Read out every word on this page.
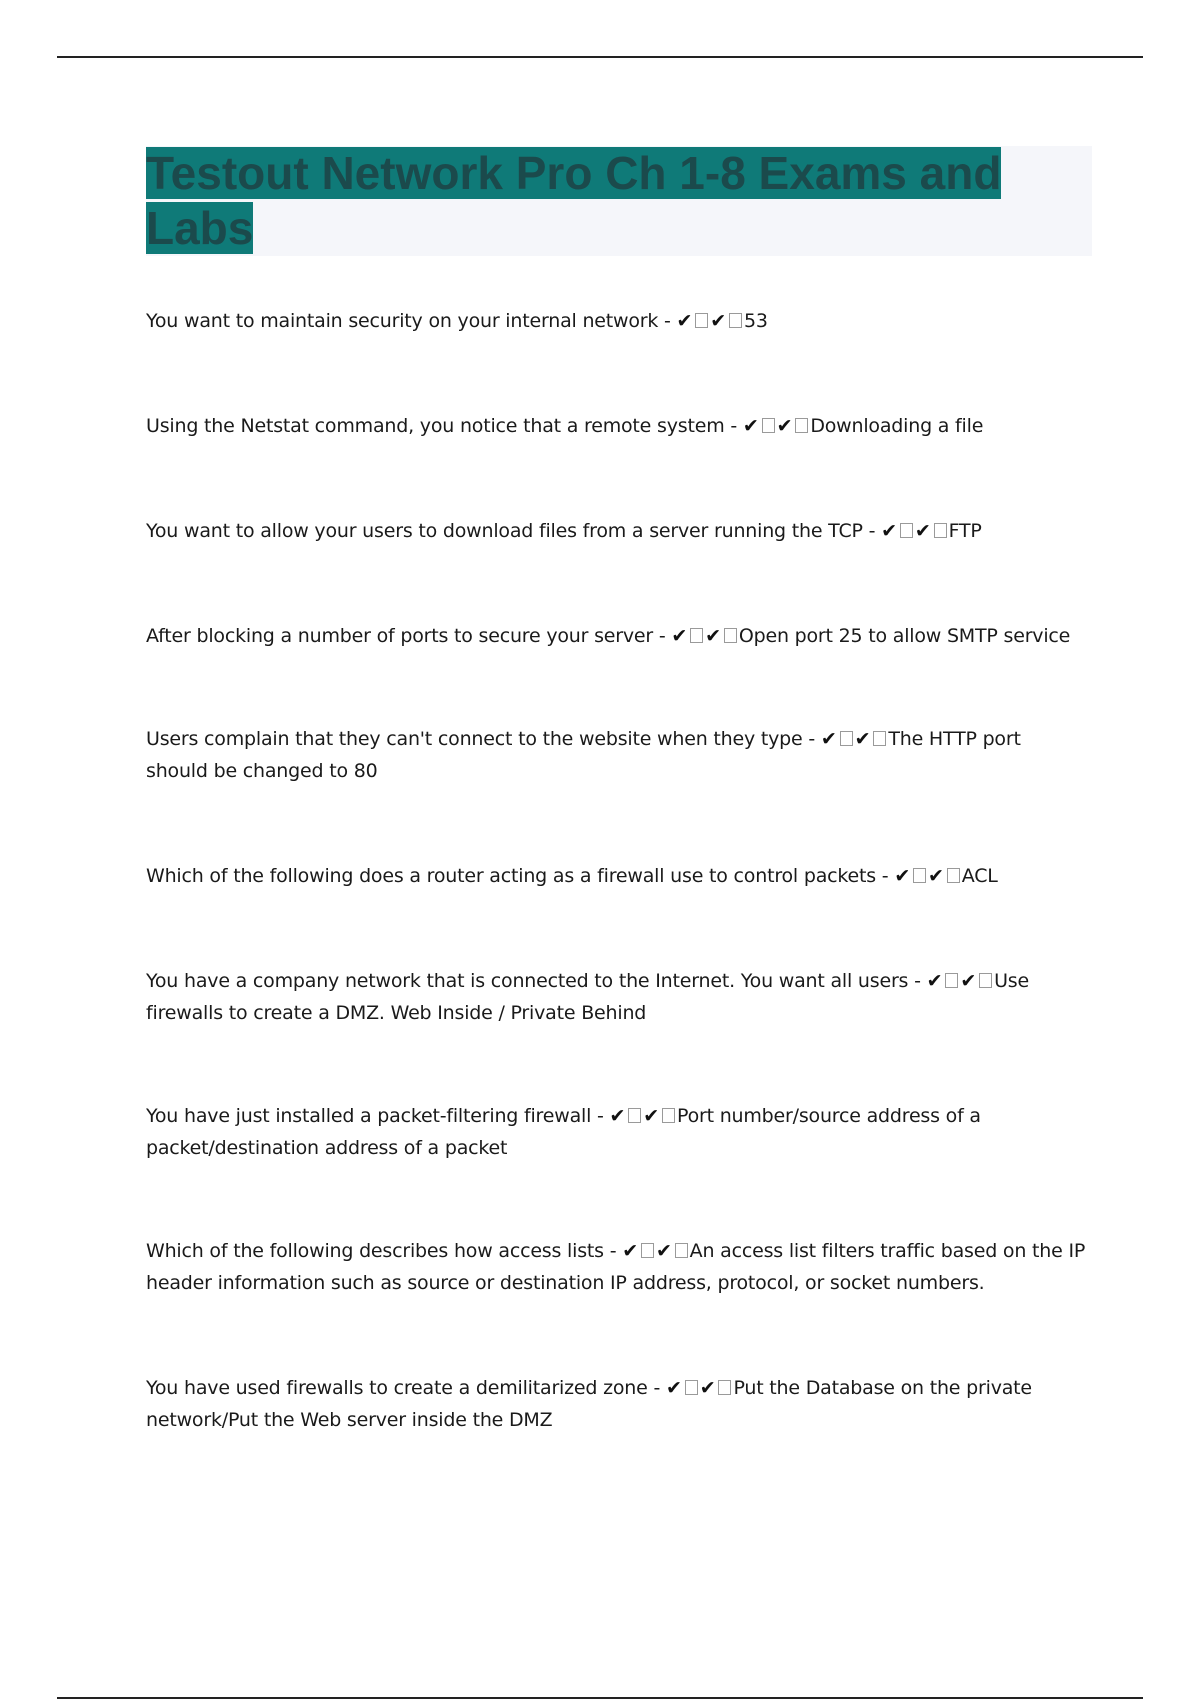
Testout Network Pro Ch 1-8 Exams and Labs

You want to maintain security on your internal network - ✔ ✔ 53

Using the Netstat command, you notice that a remote system - ✔ ✔ Downloading a file

You want to allow your users to download files from a server running the TCP - ✔ ✔ FTP

After blocking a number of ports to secure your server - ✔ ✔ Open port 25 to allow SMTP service

Users complain that they can't connect to the website when they type - ✔ ✔ The HTTP port should be changed to 80

Which of the following does a router acting as a firewall use to control packets - ✔ ✔ ACL

You have a company network that is connected to the Internet. You want all users - ✔ ✔ Use firewalls to create a DMZ. Web Inside / Private Behind

You have just installed a packet-filtering firewall - ✔ ✔ Port number/source address of a packet/destination address of a packet

Which of the following describes how access lists - ✔ ✔ An access list filters traffic based on the IP header information such as source or destination IP address, protocol, or socket numbers.

You have used firewalls to create a demilitarized zone - ✔ ✔ Put the Database on the private network/Put the Web server inside the DMZ
